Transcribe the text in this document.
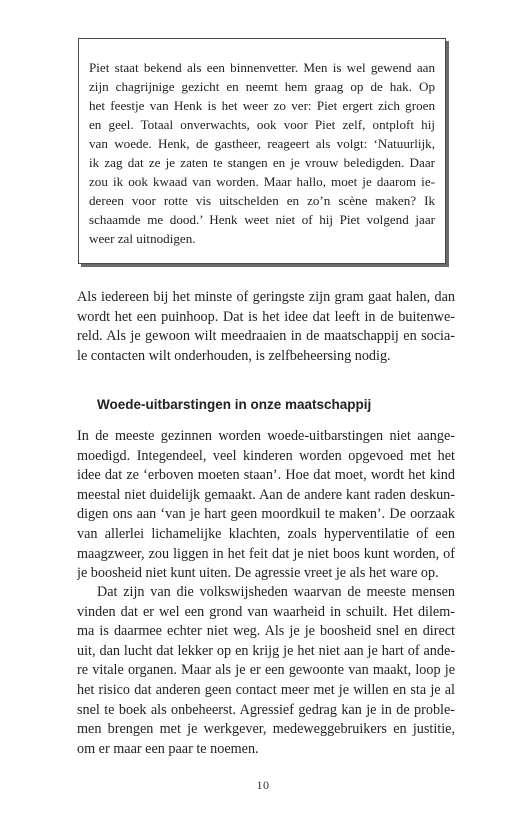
Piet staat bekend als een binnenvetter. Men is wel gewend aan
zijn chagrijnige gezicht en neemt hem graag op de hak. Op
het feestje van Henk is het weer zo ver: Piet ergert zich groen
en geel. Totaal onverwachts, ook voor Piet zelf, ontploft hij
van woede. Henk, de gastheer, reageert als volgt: ‘Natuurlijk,
ik zag dat ze je zaten te stangen en je vrouw beledigden. Daar
zou ik ook kwaad van worden. Maar hallo, moet je daarom ie-
dereen voor rotte vis uitschelden en zo’n scène maken? Ik
schaamde me dood.’ Henk weet niet of hij Piet volgend jaar
weer zal uitnodigen.
Als iedereen bij het minste of geringste zijn gram gaat halen, dan
wordt het een puinhoop. Dat is het idee dat leeft in de buitenwe-
reld. Als je gewoon wilt meedraaien in de maatschappij en socia-
le contacten wilt onderhouden, is zelfbeheersing nodig.
Woede-uitbarstingen in onze maatschappij
In de meeste gezinnen worden woede-uitbarstingen niet aange-
moedigd. Integendeel, veel kinderen worden opgevoed met het
idee dat ze ‘erboven moeten staan’. Hoe dat moet, wordt het kind
meestal niet duidelijk gemaakt. Aan de andere kant raden deskun-
digen ons aan ‘van je hart geen moordkuil te maken’. De oorzaak
van allerlei lichamelijke klachten, zoals hyperventilatie of een
maagzweer, zou liggen in het feit dat je niet boos kunt worden, of
je boosheid niet kunt uiten. De agressie vreet je als het ware op.
Dat zijn van die volkswijsheden waarvan de meeste mensen
vinden dat er wel een grond van waarheid in schuilt. Het dilem-
ma is daarmee echter niet weg. Als je je boosheid snel en direct
uit, dan lucht dat lekker op en krijg je het niet aan je hart of ande-
re vitale organen. Maar als je er een gewoonte van maakt, loop je
het risico dat anderen geen contact meer met je willen en sta je al
snel te boek als onbeheerst. Agressief gedrag kan je in de proble-
men brengen met je werkgever, medeweggebruikers en justitie,
om er maar een paar te noemen.
10
